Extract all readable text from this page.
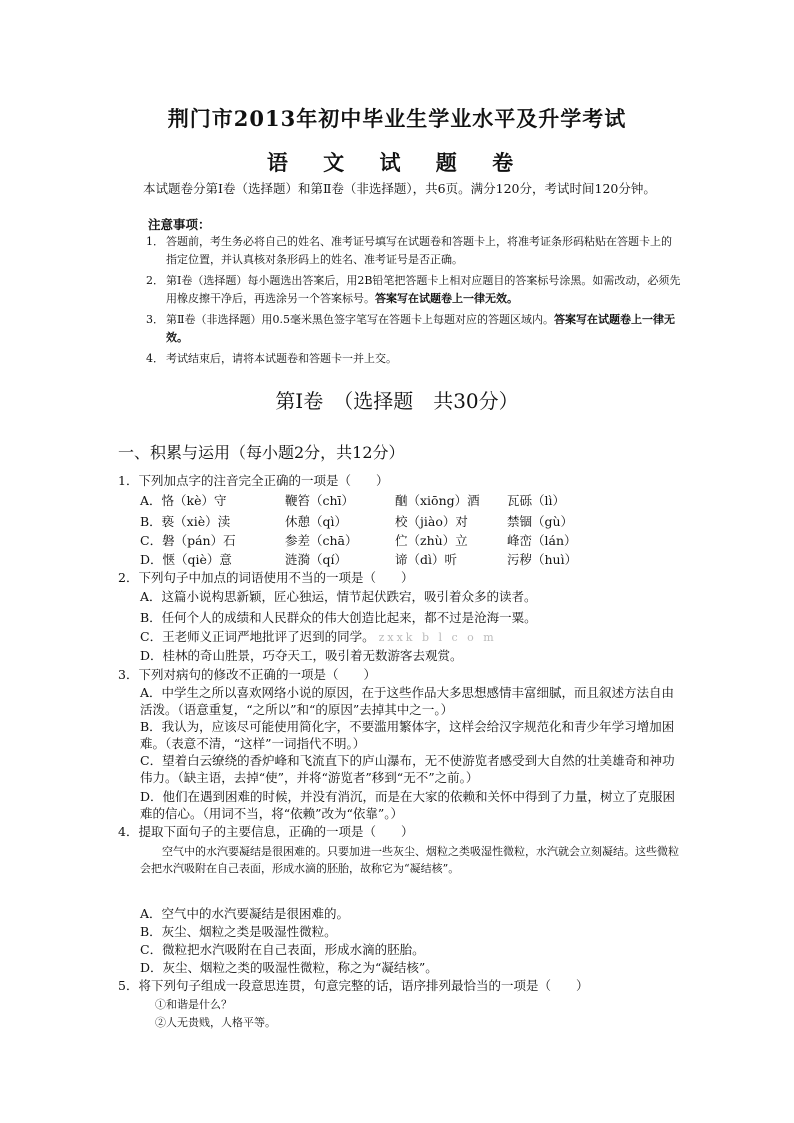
荆门市2013年初中毕业生学业水平及升学考试
语 文 试 题 卷
本试题卷分第Ⅰ卷（选择题）和第Ⅱ卷（非选择题），共6页。满分120分，考试时间120分钟。
注意事项：
1． 答题前，考生务必将自己的姓名、准考证号填写在试题卷和答题卡上，将准考证条形码粘贴在答题卡上的指定位置，并认真核对条形码上的姓名、准考证号是否正确。
2． 第Ⅰ卷（选择题）每小题选出答案后，用2B铅笔把答题卡上相对应题目的答案标号涂黑。如需改动，必须先用橡皮擦干净后，再选涂另一个答案标号。答案写在试题卷上一律无效。
3． 第Ⅱ卷（非选择题）用0.5毫米黑色签字笔写在答题卡上每题对应的答题区域内。答案写在试题卷上一律无效。
4． 考试结束后，请将本试题卷和答题卡一并上交。
第Ⅰ卷　（选择题　共30分）
一、积累与运用（每小题2分，共12分）
1．下列加点字的注音完全正确的一项是（　　）
A．恪（kè）守	鞭笞（chī）	酗（xiōng）酒	瓦砾（lì）
B．亵（xiè）渎	休憩（qì）	校（jiào）对	禁锢（gù）
C．磐（pán）石	参差（chā）	伫（zhù）立	峰峦（lán）
D．惬（qiè）意	涟漪（qí）	谛（dì）听	污秽（huì）
2．下列句子中加点的词语使用不当的一项是（　　）
A．这篇小说构思新颖，匠心独运，情节起伏跌宕，吸引着众多的读者。
B．任何个人的成绩和人民群众的伟大创造比起来，都不过是沧海一粟。
C．王老师义正词严地批评了迟到的同学。 zxxk b l c o m
D．桂林的奇山胜景，巧夺天工，吸引着无数游客去观赏。
3．下列对病句的修改不正确的一项是（　　）
A．中学生之所以喜欢网络小说的原因，在于这些作品大多思想感情丰富细腻，而且叙述方法自由活泼。（语意重复，“之所以”和“的原因”去掉其中之一。）
B．我认为，应该尽可能使用简化字，不要滥用繁体字，这样会给汉字规范化和青少年学习增加困难。（表意不清，“这样”一词指代不明。）
C．望着白云缭绕的香炉峰和飞流直下的庐山瀑布，无不使游览者感受到大自然的壮美雄奇和神功伟力。（缺主语，去掉“使”，并将“游览者”移到“无不”之前。）
D．他们在遇到困难的时候，并没有消沉，而是在大家的依赖和关怀中得到了力量，树立了克服困难的信心。（用词不当，将“依赖”改为“依靠”。）
4．提取下面句子的主要信息，正确的一项是（　　）
空气中的水汽要凝结是很困难的。只要加进一些灰尘、烟粒之类吸湿性微粒，水汽就会立刻凝结。这些微粒会把水汽吸附在自己表面，形成水滴的胚胎，故称它为“凝结核”。
A．空气中的水汽要凝结是很困难的。
B．灰尘、烟粒之类是吸湿性微粒。
C．微粒把水汽吸附在自己表面，形成水滴的胚胎。
D．灰尘、烟粒之类的吸湿性微粒，称之为“凝结核”。
5．将下列句子组成一段意思连贯，句意完整的话，语序排列最恰当的一项是（　　）
①和谐是什么？
②人无贵贱，人格平等。
